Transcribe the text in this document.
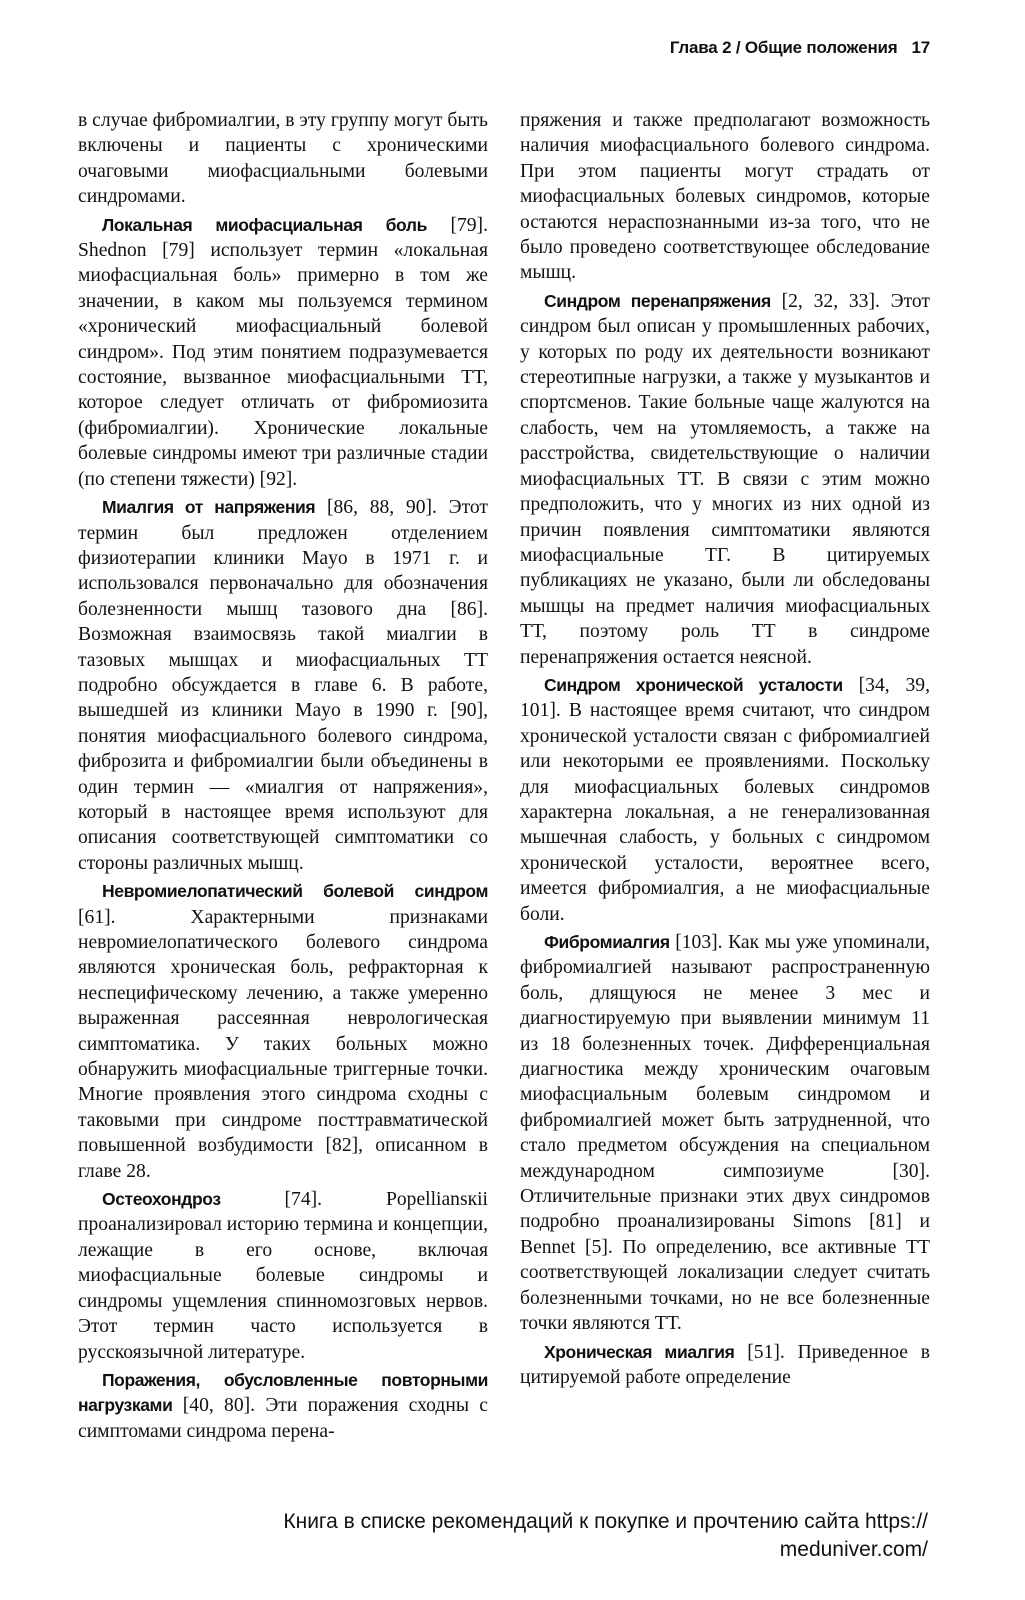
Глава 2 / Общие положения 17

в случае фибромиалгии, в эту группу могут быть включены и пациенты с хроническими очаговыми миофасциальными болевыми синдромами.

Локальная миофасциальная боль [79]. Shednon [79] использует термин «локальная миофасциальная боль» примерно в том же значении, в каком мы пользуемся термином «хронический миофасциальный болевой синдром». Под этим понятием подразумевается состояние, вызванное миофасциальными ТТ, которое следует отличать от фибромиозита (фибромиалгии). Хронические локальные болевые синдромы имеют три различные стадии (по степени тяжести) [92].

Миалгия от напряжения [86, 88, 90]. Этот термин был предложен отделением физиотерапии клиники Мayo в 1971 г. и использовался первоначально для обозначения болезненности мышц тазового дна [86]. Возможная взаимосвязь такой миалгии в тазовых мышцах и миофасциальных ТТ подробно обсуждается в главе 6. В работе, вышедшей из клиники Мayo в 1990 г. [90], понятия миофасциального болевого синдрома, фиброзита и фибромиалгии были объединены в один термин — «миалгия от напряжения», который в настоящее время используют для описания соответствующей симптоматики со стороны различных мышц.

Невромиелопатический болевой синдром [61]. Характерными признаками невромиелопатического болевого синдрома являются хроническая боль, рефракторная к неспецифическому лечению, а также умеренно выраженная рассеянная неврологическая симптоматика. У таких больных можно обнаружить миофасциальные триггерные точки. Многие проявления этого синдрома сходны с таковыми при синдроме посттравматической повышенной возбудимости [82], описанном в главе 28.

Остеохондроз [74]. Popelliansкii проанализировал историю термина и концепции, лежащие в его основе, включая миофасциальные болевые синдромы и синдромы ущемления спинномозговых нервов. Этот термин часто используется в русскоязычной литературе.

Поражения, обусловленные повторными нагрузками [40, 80]. Эти поражения сходны с симптомами синдрома перена-

пряжения и также предполагают возможность наличия миофасциального болевого синдрома. При этом пациенты могут страдать от миофасциальных болевых синдромов, которые остаются нераспознанными из-за того, что не было проведено соответствующее обследование мышц.

Синдром перенапряжения [2, 32, 33]. Этот синдром был описан у промышленных рабочих, у которых по роду их деятельности возникают стереотипные нагрузки, а также у музыкантов и спортсменов. Такие больные чаще жалуются на слабость, чем на утомляемость, а также на расстройства, свидетельствующие о наличии миофасциальных ТТ. В связи с этим можно предположить, что у многих из них одной из причин появления симптоматики являются миофасциальные ТГ. В цитируемых публикациях не указано, были ли обследованы мышцы на предмет наличия миофасциальных ТТ, поэтому роль ТТ в синдроме перенапряжения остается неясной.

Синдром хронической усталости [34, 39, 101]. В настоящее время считают, что синдром хронической усталости связан с фибромиалгией или некоторыми ее проявлениями. Поскольку для миофасциальных болевых синдромов характерна локальная, а не генерализованная мышечная слабость, у больных с синдромом хронической усталости, вероятнее всего, имеется фибромиалгия, а не миофасциальные боли.

Фибромиалгия [103]. Как мы уже упоминали, фибромиалгией называют распространенную боль, длящуюся не менее 3 мес и диагностируемую при выявлении минимум 11 из 18 болезненных точек. Дифференциальная диагностика между хроническим очаговым миофасциальным болевым синдромом и фибромиалгией может быть затрудненной, что стало предметом обсуждения на специальном международном симпозиуме [30]. Отличительные признаки этих двух синдромов подробно проанализированы Simons [81] и Bennet [5]. По определению, все активные ТТ соответствующей локализации следует считать болезненными точками, но не все болезненные точки являются ТТ.

Хроническая миалгия [51]. Приведенное в цитируемой работе определение

Книга в списке рекомендаций к покупке и прочтению сайта https://
meduniver.com/
